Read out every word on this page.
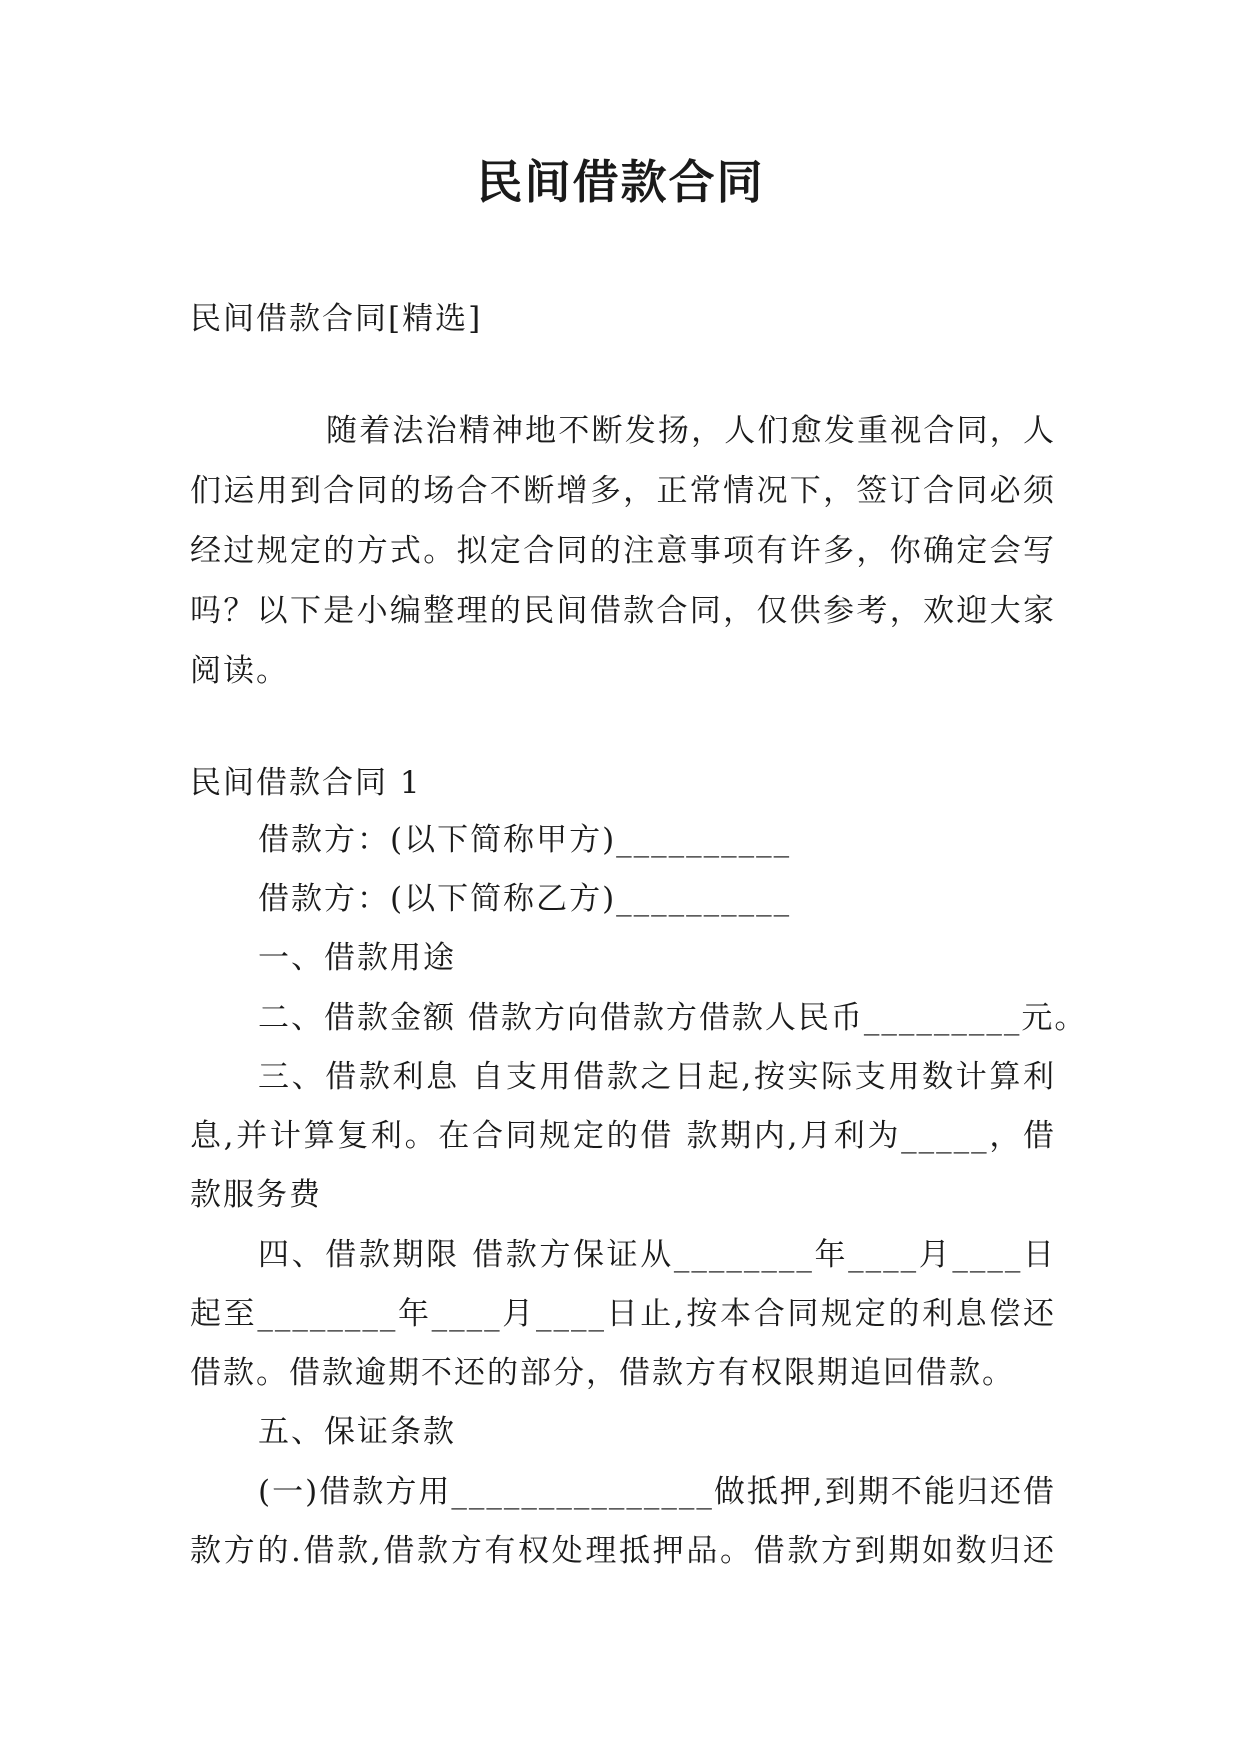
民间借款合同
民间借款合同[精选]
随着法治精神地不断发扬，人们愈发重视合同，人
们运用到合同的场合不断增多，正常情况下，签订合同必须
经过规定的方式。拟定合同的注意事项有许多，你确定会写
吗？以下是小编整理的民间借款合同，仅供参考，欢迎大家
阅读。
民间借款合同 1
借款方：(以下简称甲方)__________
借款方：(以下简称乙方)__________
一、借款用途
二、借款金额 借款方向借款方借款人民币_________元。
三、借款利息 自支用借款之日起,按实际支用数计算利
息,并计算复利。在合同规定的借 款期内,月利为_____，借
款服务费
四、借款期限 借款方保证从________年____月____日
起至________年____月____日止,按本合同规定的利息偿还
借款。借款逾期不还的部分，借款方有权限期追回借款。
五、保证条款
(一)借款方用_______________做抵押,到期不能归还借
款方的.借款,借款方有权处理抵押品。借款方到期如数归还
